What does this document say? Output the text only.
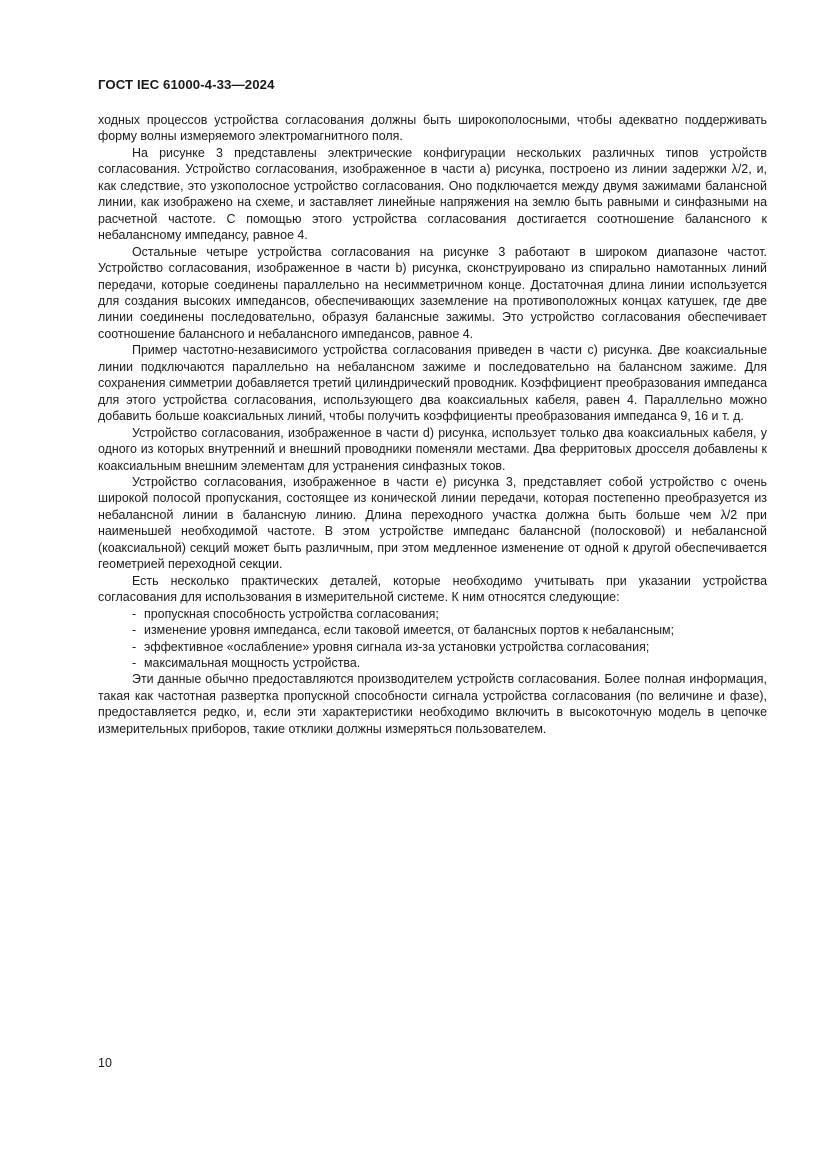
ГОСТ IEC 61000-4-33—2024

ходных процессов устройства согласования должны быть широкополосными, чтобы адекватно поддерживать форму волны измеряемого электромагнитного поля.

На рисунке 3 представлены электрические конфигурации нескольких различных типов устройств согласования. Устройство согласования, изображенное в части a) рисунка, построено из линии задержки λ/2, и, как следствие, это узкополосное устройство согласования. Оно подключается между двумя зажимами балансной линии, как изображено на схеме, и заставляет линейные напряжения на землю быть равными и синфазными на расчетной частоте. С помощью этого устройства согласования достигается соотношение балансного к небалансному импедансу, равное 4.

Остальные четыре устройства согласования на рисунке 3 работают в широком диапазоне частот. Устройство согласования, изображенное в части b) рисунка, сконструировано из спирально намотанных линий передачи, которые соединены параллельно на несимметричном конце. Достаточная длина линии используется для создания высоких импедансов, обеспечивающих заземление на противоположных концах катушек, где две линии соединены последовательно, образуя балансные зажимы. Это устройство согласования обеспечивает соотношение балансного и небалансного импедансов, равное 4.

Пример частотно-независимого устройства согласования приведен в части c) рисунка. Две коаксиальные линии подключаются параллельно на небалансном зажиме и последовательно на балансном зажиме. Для сохранения симметрии добавляется третий цилиндрический проводник. Коэффициент преобразования импеданса для этого устройства согласования, использующего два коаксиальных кабеля, равен 4. Параллельно можно добавить больше коаксиальных линий, чтобы получить коэффициенты преобразования импеданса 9, 16 и т. д.

Устройство согласования, изображенное в части d) рисунка, использует только два коаксиальных кабеля, у одного из которых внутренний и внешний проводники поменяли местами. Два ферритовых дросселя добавлены к коаксиальным внешним элементам для устранения синфазных токов.

Устройство согласования, изображенное в части e) рисунка 3, представляет собой устройство с очень широкой полосой пропускания, состоящее из конической линии передачи, которая постепенно преобразуется из небалансной линии в балансную линию. Длина переходного участка должна быть больше чем λ/2 при наименьшей необходимой частоте. В этом устройстве импеданс балансной (полосковой) и небалансной (коаксиальной) секций может быть различным, при этом медленное изменение от одной к другой обеспечивается геометрией переходной секции.

Есть несколько практических деталей, которые необходимо учитывать при указании устройства согласования для использования в измерительной системе. К ним относятся следующие:

- пропускная способность устройства согласования;
- изменение уровня импеданса, если таковой имеется, от балансных портов к небалансным;
- эффективное «ослабление» уровня сигнала из-за установки устройства согласования;
- максимальная мощность устройства.

Эти данные обычно предоставляются производителем устройств согласования. Более полная информация, такая как частотная развертка пропускной способности сигнала устройства согласования (по величине и фазе), предоставляется редко, и, если эти характеристики необходимо включить в высокоточную модель в цепочке измерительных приборов, такие отклики должны измеряться пользователем.

10
